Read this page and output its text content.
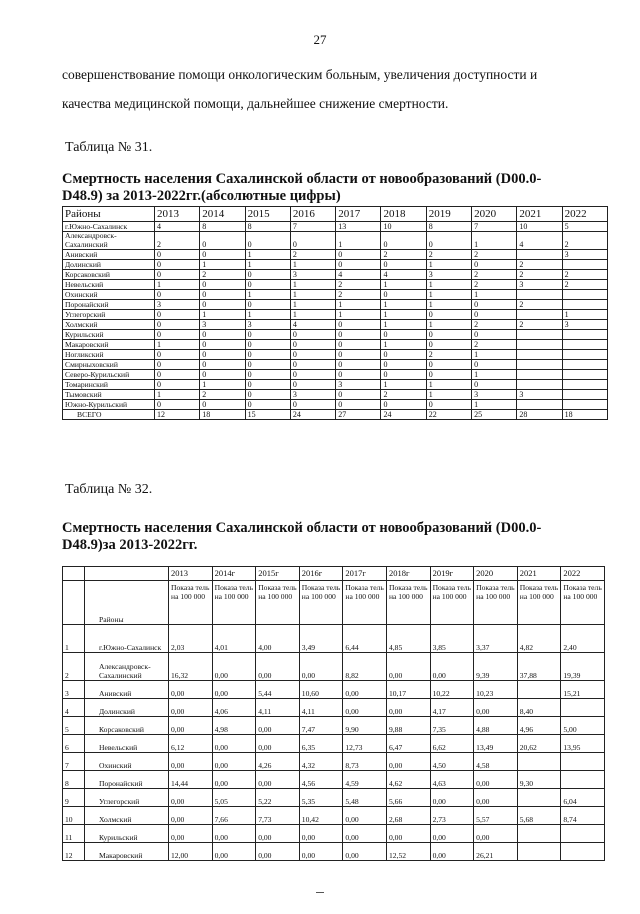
27
совершенствование помощи онкологическим больным, увеличения доступности и
качества медицинской помощи, дальнейшее снижение смертности.
Таблица № 31.
Смертность населения Сахалинской области от новообразований (D00.0-
D48.9) за 2013-2022гг.(абсолютные цифры)
Районы	2013	2014	2015	2016	2017	2018	2019	2020	2021	2022
г.Южно-Сахалинск	4	8	8	7	13	10	8	7	10	5
Александровск-Сахалинский	2	0	0	0	1	0	0	1	4	2
Анивский	0	0	1	2	0	2	2	2		3
Долинский	0	1	1	1	0	0	1	0	2	
Корсаковский	0	2	0	3	4	4	3	2	2	2
Невельский	1	0	0	1	2	1	1	2	3	2
Охинский	0	0	1	1	2	0	1	1		
Поронайский	3	0	0	1	1	1	1	0	2	
Углегорский	0	1	1	1	1	1	0	0		1
Холмский	0	3	3	4	0	1	1	2	2	3
Курильский	0	0	0	0	0	0	0	0		
Макаровский	1	0	0	0	0	1	0	2		
Ногликский	0	0	0	0	0	0	2	1		
Смирныховский	0	0	0	0	0	0	0	0		
Северо-Курильский	0	0	0	0	0	0	0	1		
Томаринский	0	1	0	0	3	1	1	0		
Тымовский	1	2	0	3	0	2	1	3	3	
Южно-Курильский	0	0	0	0	0	0	0	1		
ВСЕГО	12	18	15	24	27	24	22	25	28	18
Таблица № 32.
Смертность населения Сахалинской области от новообразований (D00.0-
D48.9)за 2013-2022гг.
		2013	2014г	2015г	2016г	2017г	2018г	2019г	2020	2021	2022
	Районы	Показа тель на 100 000	Показа тель на 100 000	Показа тель на 100 000	Показа тель на 100 000	Показа тель на 100 000	Показа тель на 100 000	Показа тель на 100 000	Показа тель на 100 000	Показа тель на 100 000	Показа тель на 100 000
1	г.Южно-Сахалинск	2,03	4,01	4,00	3,49	6,44	4,85	3,85	3,37	4,82	2,40
2	Александровск-Сахалинский	16,32	0,00	0,00	0,00	8,82	0,00	0,00	9,39	37,88	19,39
3	Анивский	0,00	0,00	5,44	10,60	0,00	10,17	10,22	10,23		15,21
4	Долинский	0,00	4,06	4,11	4,11	0,00	0,00	4,17	0,00	8,40	
5	Корсаковский	0,00	4,98	0,00	7,47	9,90	9,88	7,35	4,88	4,96	5,00
6	Невельский	6,12	0,00	0,00	6,35	12,73	6,47	6,62	13,49	20,62	13,95
7	Охинский	0,00	0,00	4,26	4,32	8,73	0,00	4,50	4,58		
8	Поронайский	14,44	0,00	0,00	4,56	4,59	4,62	4,63	0,00	9,30	
9	Углегорский	0,00	5,05	5,22	5,35	5,48	5,66	0,00	0,00		6,04
10	Холмский	0,00	7,66	7,73	10,42	0,00	2,68	2,73	5,57	5,68	8,74
11	Курильский	0,00	0,00	0,00	0,00	0,00	0,00	0,00	0,00		
12	Макаровский	12,00	0,00	0,00	0,00	0,00	12,52	0,00	26,21		
